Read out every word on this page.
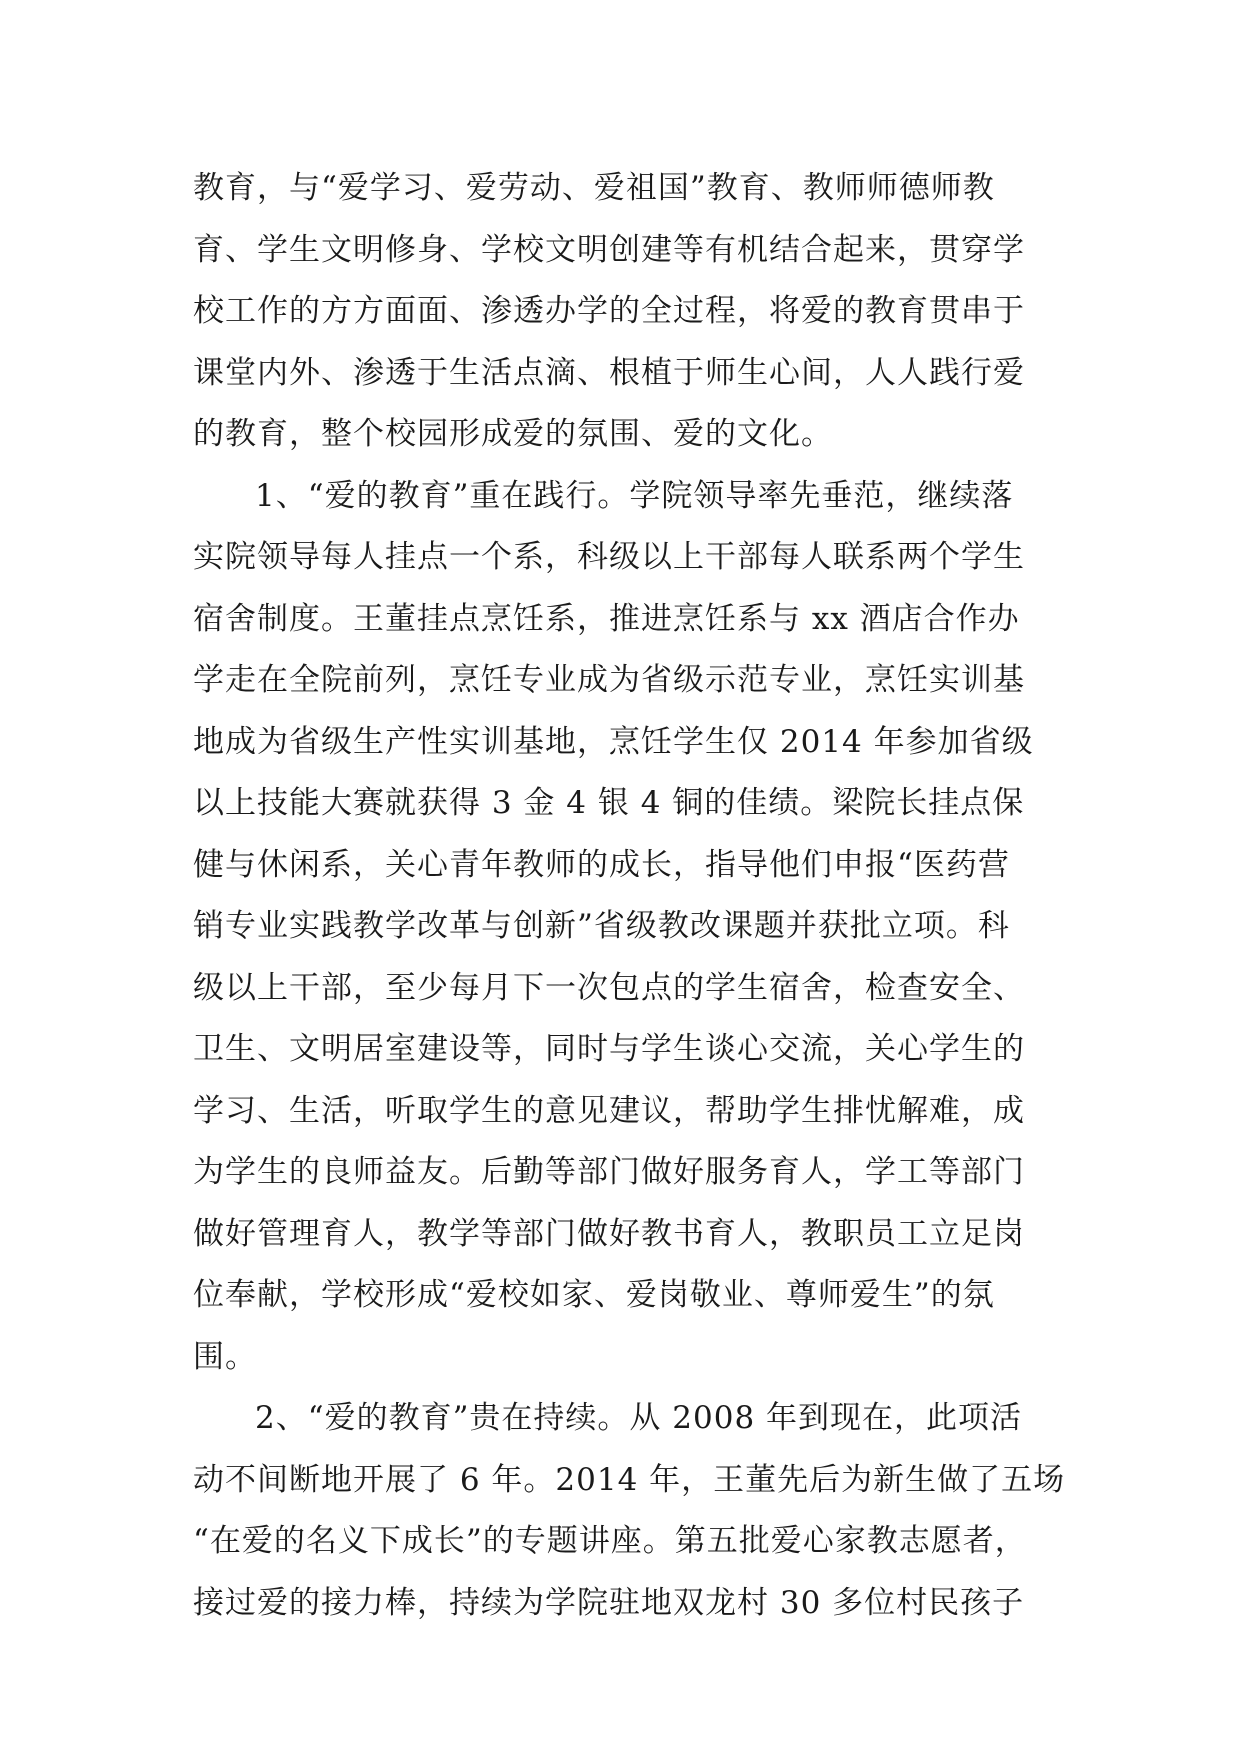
教育，与“爱学习、爱劳动、爱祖国”教育、教师师德师教
育、学生文明修身、学校文明创建等有机结合起来，贯穿学
校工作的方方面面、渗透办学的全过程，将爱的教育贯串于
课堂内外、渗透于生活点滴、根植于师生心间，人人践行爱
的教育，整个校园形成爱的氛围、爱的文化。
1、“爱的教育”重在践行。学院领导率先垂范，继续落
实院领导每人挂点一个系，科级以上干部每人联系两个学生
宿舍制度。王董挂点烹饪系，推进烹饪系与 xx 酒店合作办
学走在全院前列，烹饪专业成为省级示范专业，烹饪实训基
地成为省级生产性实训基地，烹饪学生仅 2014 年参加省级
以上技能大赛就获得 3 金 4 银 4 铜的佳绩。梁院长挂点保
健与休闲系，关心青年教师的成长，指导他们申报“医药营
销专业实践教学改革与创新”省级教改课题并获批立项。科
级以上干部，至少每月下一次包点的学生宿舍，检查安全、
卫生、文明居室建设等，同时与学生谈心交流，关心学生的
学习、生活，听取学生的意见建议，帮助学生排忧解难，成
为学生的良师益友。后勤等部门做好服务育人，学工等部门
做好管理育人，教学等部门做好教书育人，教职员工立足岗
位奉献，学校形成“爱校如家、爱岗敬业、尊师爱生”的氛
围。
2、“爱的教育”贵在持续。从 2008 年到现在，此项活
动不间断地开展了 6 年。2014 年，王董先后为新生做了五场
“在爱的名义下成长”的专题讲座。第五批爱心家教志愿者，
接过爱的接力棒，持续为学院驻地双龙村 30 多位村民孩子
